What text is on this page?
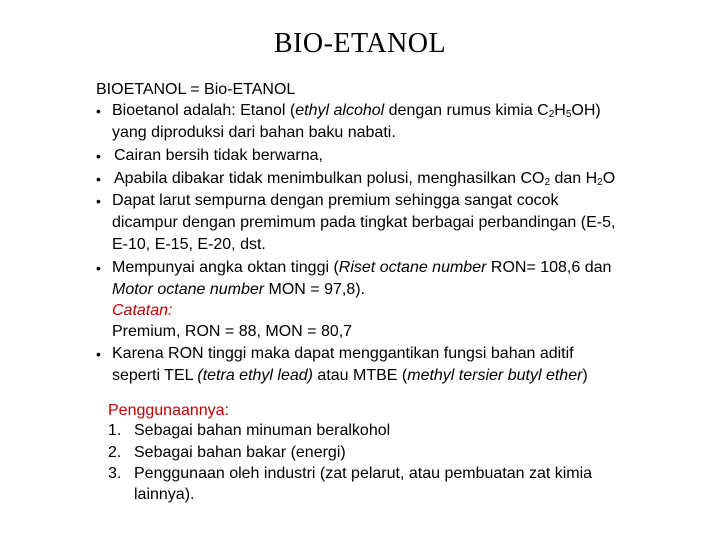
BIO-ETANOL
BIOETANOL = Bio-ETANOL
• Bioetanol adalah: Etanol (ethyl alcohol dengan rumus kimia $C_2H_5OH$)
yang diproduksi dari bahan baku nabati.
• Cairan bersih tidak berwarna,
• Apabila dibakar tidak menimbulkan polusi, menghasilkan $CO_2$ dan $H_2O$
• Dapat larut sempurna dengan premium sehingga sangat cocok
dicampur dengan premimum pada tingkat berbagai perbandingan (E-5,
E-10, E-15, E-20, dst.
• Mempunyai angka oktan tinggi (Riset octane number RON= 108,6 dan
Motor octane number MON = 97,8).
Catatan:
Premium, RON = 88, MON = 80,7
• Karena RON tinggi maka dapat menggantikan fungsi bahan aditif
seperti TEL (tetra ethyl lead) atau MTBE (methyl tersier butyl ether)
Penggunaannya:
1. Sebagai bahan minuman beralkohol
2. Sebagai bahan bakar (energi)
3. Penggunaan oleh industri (zat pelarut, atau pembuatan zat kimia
lainnya).
